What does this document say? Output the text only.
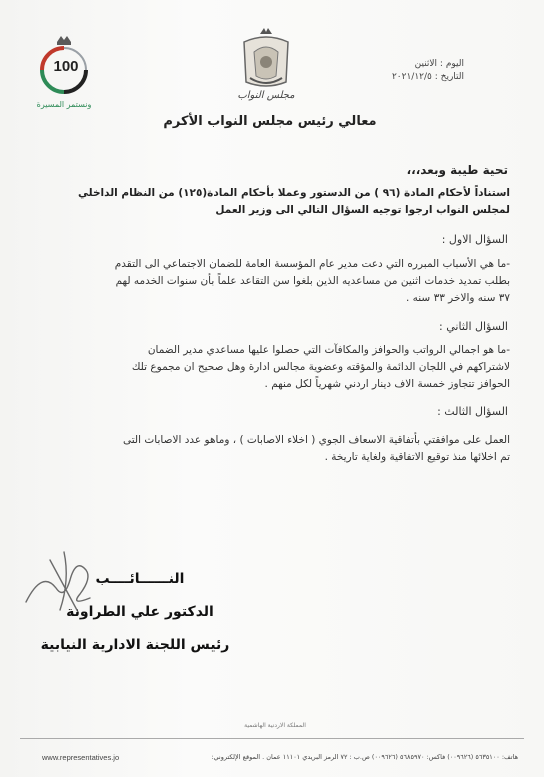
100
ونستمر المسيرة
مجلس النواب
اليوم : الاثنين
التاريخ : ٢٠٢١/١٢/٥
معالي رئيس مجلس النواب الأكرم
تحية طيبة وبعد،،،
استناداً لأحكام المادة (٩٦ ) من الدستور وعملا بأحكام المادة(١٢٥) من النظام الداخلي
لمجلس النواب ارجوا توجيه السؤال التالي الى وزير العمل
السؤال الاول :
-ما هي الأسباب المبرره التي دعت مدير عام المؤسسة العامة للضمان الاجتماعي الى التقدم
بطلب تمديد خدمات اثنين من مساعديه الذين بلغوا سن التقاعد علماً بأن سنوات الخدمه لهم
٣٧ سنه والاخر ٣٣ سنه .
السؤال الثاني :
-ما هو اجمالي الرواتب والحوافز والمكافآت التي حصلوا عليها مساعدي مدير الضمان
لاشتراكهم في اللجان الدائمة والمؤقته وعضوية مجالس ادارة وهل صحيح ان مجموع تلك
الحوافز تتجاوز خمسة الاف دينار اردني شهرياً لكل منهم .
السؤال الثالث :
العمل على موافقتي بأتفاقية الاسعاف الجوي ( اخلاء الاصابات ) ، وماهو عدد الاصابات التى
تم اخلائها منذ توقيع الاتفاقية ولغاية تاريخة .
النــــــائــــب
الدكتور علي الطراونة
رئيس اللجنة الادارية النيابية
المملكة الاردنية الهاشمية
www.representatives.jo	هاتف: ٥٦٣٥١٠٠ (٠٠٩٦٢٦) فاكس: ٥٦٨٥٩٧٠ (٠٠٩٦٢٦) ص.ب : ٧٢ الرمز البريدي ١١١٠١ عمان . الموقع الإلكتروني:
